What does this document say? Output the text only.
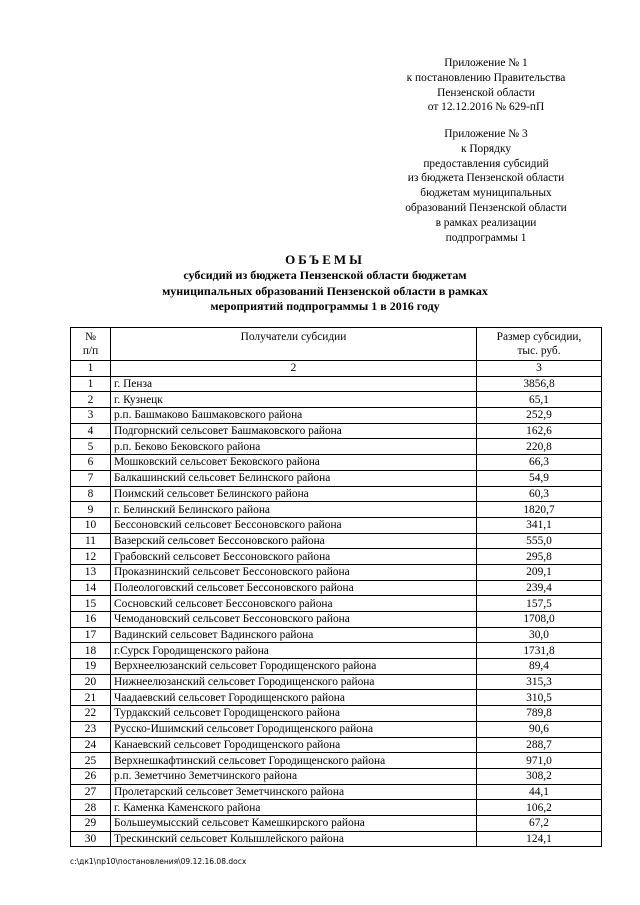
Приложение № 1
к постановлению Правительства
Пензенской области
от 12.12.2016 № 629-пП
Приложение № 3
к Порядку
предоставления субсидий
из бюджета Пензенской области
бюджетам муниципальных
образований Пензенской области
в рамках реализации
подпрограммы 1
ОБЪЕМЫ
субсидий из бюджета Пензенской области бюджетам
муниципальных образований Пензенской области в рамках
мероприятий подпрограммы 1 в 2016 году
№
п/п	Получатели субсидии	Размер субсидии,
тыс. руб.
1	2	3
1	г. Пенза	3856,8
2	г. Кузнецк	65,1
3	р.п. Башмаково Башмаковского района	252,9
4	Подгорнский сельсовет Башмаковского района	162,6
5	р.п. Беково Бековского района	220,8
6	Мошковский сельсовет Бековского района	66,3
7	Балкашинский сельсовет Белинского района	54,9
8	Поимский сельсовет Белинского района	60,3
9	г. Белинский Белинского района	1820,7
10	Бессоновский сельсовет Бессоновского района	341,1
11	Вазерский сельсовет Бессоновского района	555,0
12	Грабовский сельсовет Бессоновского района	295,8
13	Проказнинский сельсовет Бессоновского района	209,1
14	Полеологовский сельсовет Бессоновского района	239,4
15	Сосновский сельсовет Бессоновского района	157,5
16	Чемодановский сельсовет Бессоновского района	1708,0
17	Вадинский сельсовет Вадинского района	30,0
18	г.Сурск Городищенского района	1731,8
19	Верхнеелюзанский сельсовет Городищенского района	89,4
20	Нижнеелюзанский сельсовет Городищенского района	315,3
21	Чаадаевский сельсовет Городищенского района	310,5
22	Турдакский сельсовет Городищенского района	789,8
23	Русско-Ишимский сельсовет Городищенского района	90,6
24	Канаевский сельсовет Городищенского района	288,7
25	Верхнешкафтинский сельсовет Городищенского района	971,0
26	р.п. Земетчино Земетчинского района	308,2
27	Пролетарский сельсовет Земетчинского района	44,1
28	г. Каменка Каменского района	106,2
29	Большеумысский сельсовет Камешкирского района	67,2
30	Трескинский сельсовет Колышлейского района	124,1
c:\дк1\пр10\постановления\09.12.16.08.docx
